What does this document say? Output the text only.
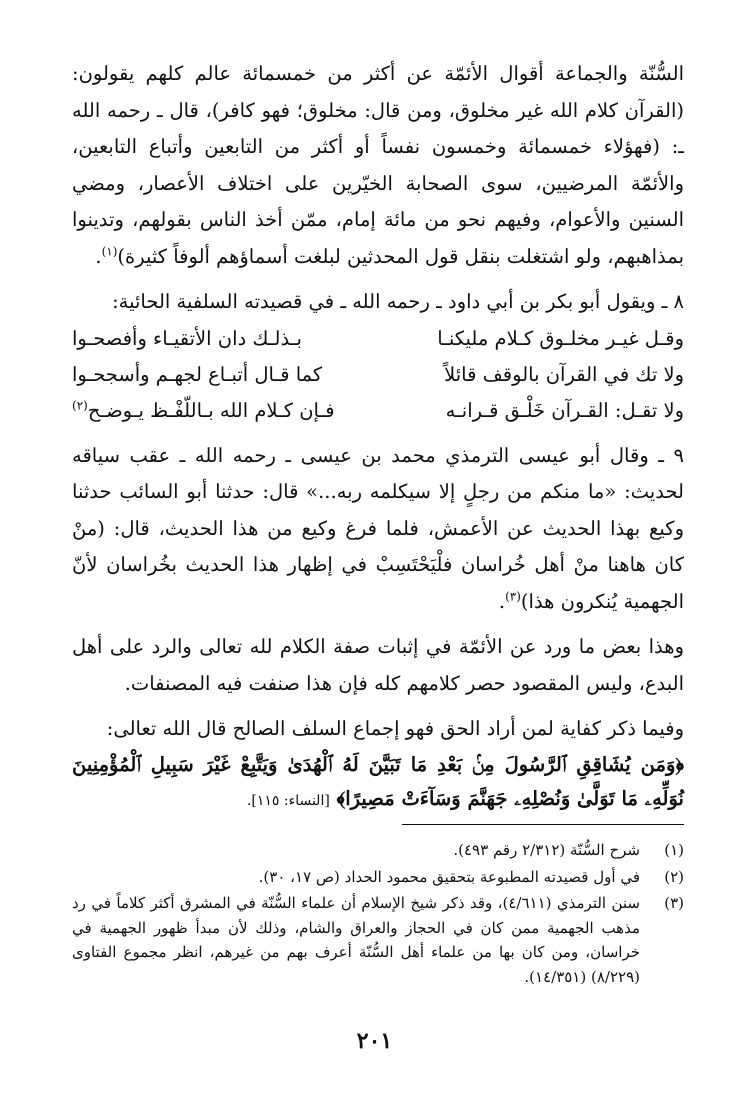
السُّنّة والجماعة أقوال الأئمّة عن أكثر من خمسمائة عالم كلهم يقولون: (القرآن كلام الله غير مخلوق، ومن قال: مخلوق؛ فهو كافر)، قال ـ رحمه الله ـ: (فهؤلاء خمسمائة وخمسون نفساً أو أكثر من التابعين وأتباع التابعين، والأئمّة المرضيين، سوى الصحابة الخيّرين على اختلاف الأعصار، ومضي السنين والأعوام، وفيهم نحو من مائة إمام، ممّن أخذ الناس بقولهم، وتدينوا بمذاهبهم، ولو اشتغلت بنقل قول المحدثين لبلغت أسماؤهم ألوفاً كثيرة)$^{(١)}$.

٨ ـ ويقول أبو بكر بن أبي داود ـ رحمه الله ـ في قصيدته السلفية الحائية:

وقـل غيـر مخلـوق كـلام مليكنـا
بـذلـك دان الأتقيـاء وأفصحـوا
ولا تك في القرآن بالوقف قائلاً
كما قـال أتبـاع لجهـم وأسجحـوا
ولا تقـل: القـرآن خَلْـق قـرانـه
فـإن كـلام الله بـاللّفْـظ يـوضـح$^{(٢)}$

٩ ـ وقال أبو عيسى الترمذي محمد بن عيسى ـ رحمه الله ـ عقب سياقه لحديث: «ما منكم من رجلٍ إلا سيكلمه ربه...» قال: حدثنا أبو السائب حدثنا وكيع بهذا الحديث عن الأعمش، فلما فرغ وكيع من هذا الحديث، قال: (منْ كان هاهنا منْ أهل خُراسان فلْيَحْتَسِبْ في إظهار هذا الحديث بخُراسان لأنّ الجهمية يُنكرون هذا)$^{(٣)}$.

وهذا بعض ما ورد عن الأئمّة في إثبات صفة الكلام لله تعالى والرد على أهل البدع، وليس المقصود حصر كلامهم كله فإن هذا صنفت فيه المصنفات.

وفيما ذكر كفاية لمن أراد الحق فهو إجماع السلف الصالح قال الله تعالى:

﴿وَمَن يُشَاقِقِ ٱلرَّسُولَ مِنۢ بَعْدِ مَا تَبَيَّنَ لَهُ ٱلْهُدَىٰ وَيَتَّبِعْ غَيْرَ سَبِيلِ ٱلْمُؤْمِنِينَ نُوَلِّهِۦ مَا تَوَلَّىٰ وَنُصْلِهِۦ جَهَنَّمَ وَسَآءَتْ مَصِيرًا﴾ [النساء: ١١٥].
(١)
شرح السُّنّة (٢/٣١٢ رقم ٤٩٣).
(٢)
في أول قصيدته المطبوعة بتحقيق محمود الحداد (ص ١٧، ٣٠).
(٣)
سنن الترمذي (٤/٦١١)، وقد ذكر شيخ الإسلام أن علماء السُّنّة في المشرق أكثر كلاماً في رد مذهب الجهمية ممن كان في الحجاز والعراق والشام، وذلك لأن مبدأ ظهور الجهمية في خراسان، ومن كان بها من علماء أهل السُّنّة أعرف بهم من غيرهم، انظر مجموع الفتاوى (٨/٢٢٩) (١٤/٣٥١).
٢٠١
